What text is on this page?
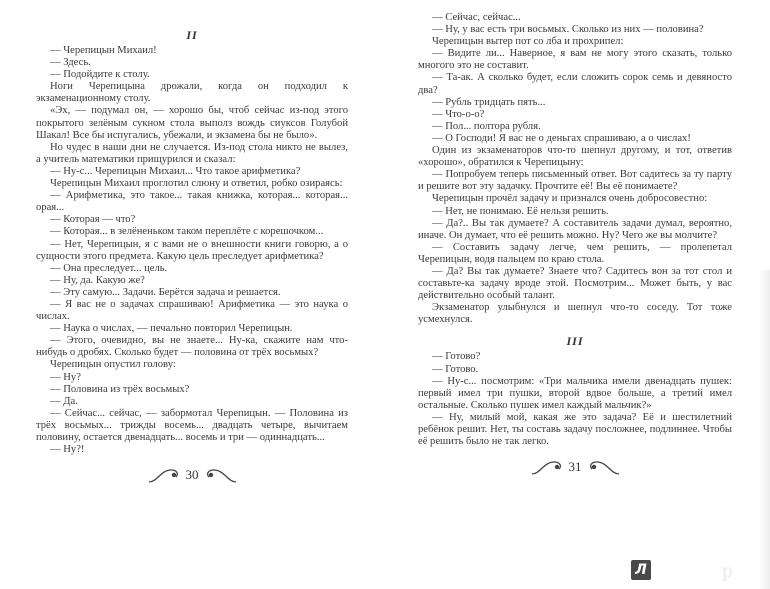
II

— Черепицын Михаил!

— Здесь.

— Подойдите к столу.

Ноги Черепицына дрожали, когда он подходил к экзаменационному столу.

«Эх, — подумал он, — хорошо бы, чтоб сейчас из-под этого покрытого зелёным сукном стола выполз вождь сиуксов Голубой Шакал! Все бы испугались, убежали, и экзамена бы не было».

Но чудес в наши дни не случается. Из-под стола никто не вылез, а учитель математики прищурился и сказал:

— Ну-с... Черепицын Михаил... Что такое арифметика?

Черепицын Михаил проглотил слюну и ответил, робко озираясь:

— Арифметика, это такое... такая книжка, которая... которая... орая...

— Которая — что?

— Которая... в зелёненьком таком переплёте с корешочком...

— Нет, Черепицын, я с вами не о внешности книги говорю, а о сущности этого предмета. Какую цель преследует арифметика?

— Она преследует... цель.

— Ну, да. Какую же?

— Эту самую... Задачи. Берётся задача и решается.

— Я вас не о задачах спрашиваю! Арифметика — это наука о числах.

— Наука о числах, — печально повторил Черепицын.

— Этого, очевидно, вы не знаете... Ну-ка, скажите нам что-нибудь о дробях. Сколько будет — половина от трёх восьмых?

Черепицын опустил голову:

— Ну?

— Половина из трёх восьмых?

— Да.

— Сейчас... сейчас, — забормотал Черепицын. — Половина из трёх восьмых... трижды восемь... двадцать четыре, вычитаем половину, остается двенадцать... восемь и три — одиннадцать...

— Ну?!

30

— Сейчас, сейчас...

— Ну, у вас есть три восьмых. Сколько из них — половина?

Черепицын вытер пот со лба и прохрипел:

— Видите ли... Наверное, я вам не могу этого сказать, только многого это не составит.

— Та-ак. А сколько будет, если сложить сорок семь и девяносто два?

— Рубль тридцать пять...

— Что-о-о?

— Пол... полтора рубля.

— О Господи! Я вас не о деньгах спрашиваю, а о числах!

Один из экзаменаторов что-то шепнул другому, и тот, ответив «хорошо», обратился к Черепицыну:

— Попробуем теперь письменный ответ. Вот садитесь за ту парту и решите вот эту задачку. Прочтите её! Вы её понимаете?

Черепицын прочёл задачу и признался очень добросовестно:

— Нет, не понимаю. Её нельзя решить.

— Да?.. Вы так думаете? А составитель задачи думал, вероятно, иначе. Он думает, что её решить можно. Ну? Чего же вы молчите?

— Составить задачу легче, чем решить, — пролепетал Черепицын, водя пальцем по краю стола.

— Да? Вы так думаете? Знаете что? Садитесь вон за тот стол и составьте-ка задачу вроде этой. Посмотрим... Может быть, у вас действительно особый талант.

Экзаменатор улыбнулся и шепнул что-то соседу. Тот тоже усмехнулся.

III

— Готово?

— Готово.

— Ну-с... посмотрим: «Три мальчика имели двенадцать пушек: первый имел три пушки, второй вдвое больше, а третий имел остальные. Сколько пушек имел каждый мальчик?»

— Ну, милый мой, какая же это задача? Её и шестилетний ребёнок решит. Нет, ты составь задачу посложнее, подлиннее. Чтобы её решить было не так легко.

31
Л	р
